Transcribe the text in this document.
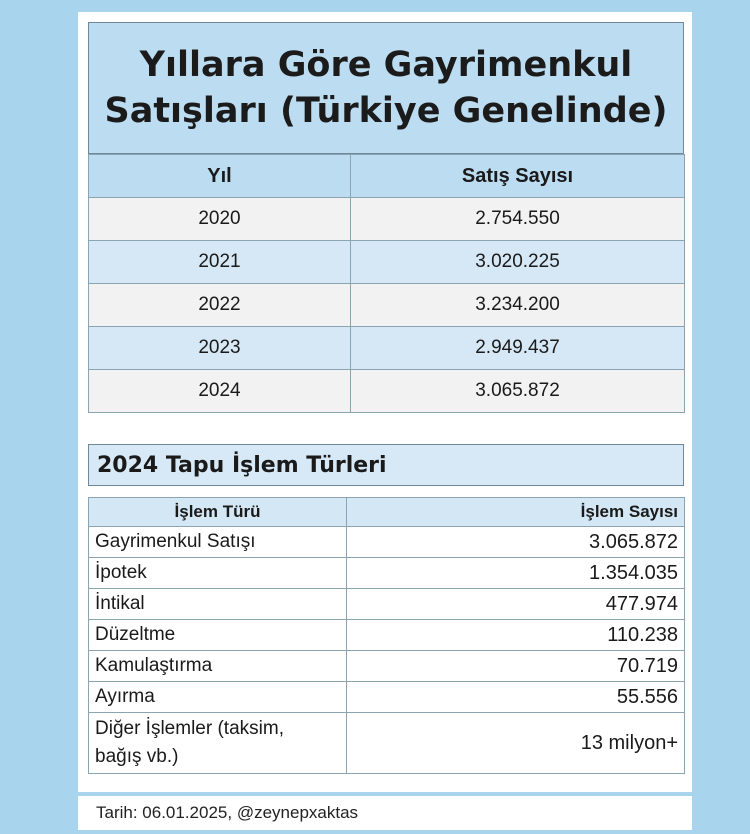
Yıllara Göre Gayrimenkul
Satışları (Türkiye Genelinde)
Yıl	Satış Sayısı
2020	2.754.550
2021	3.020.225
2022	3.234.200
2023	2.949.437
2024	3.065.872
2024 Tapu İşlem Türleri
İşlem Türü	İşlem Sayısı
Gayrimenkul Satışı	3.065.872
İpotek	1.354.035
İntikal	477.974
Düzeltme	110.238
Kamulaştırma	70.719
Ayırma	55.556
Diğer İşlemler (taksim,
bağış vb.)	13 milyon+
Tarih: 06.01.2025, @zeynepxaktas
